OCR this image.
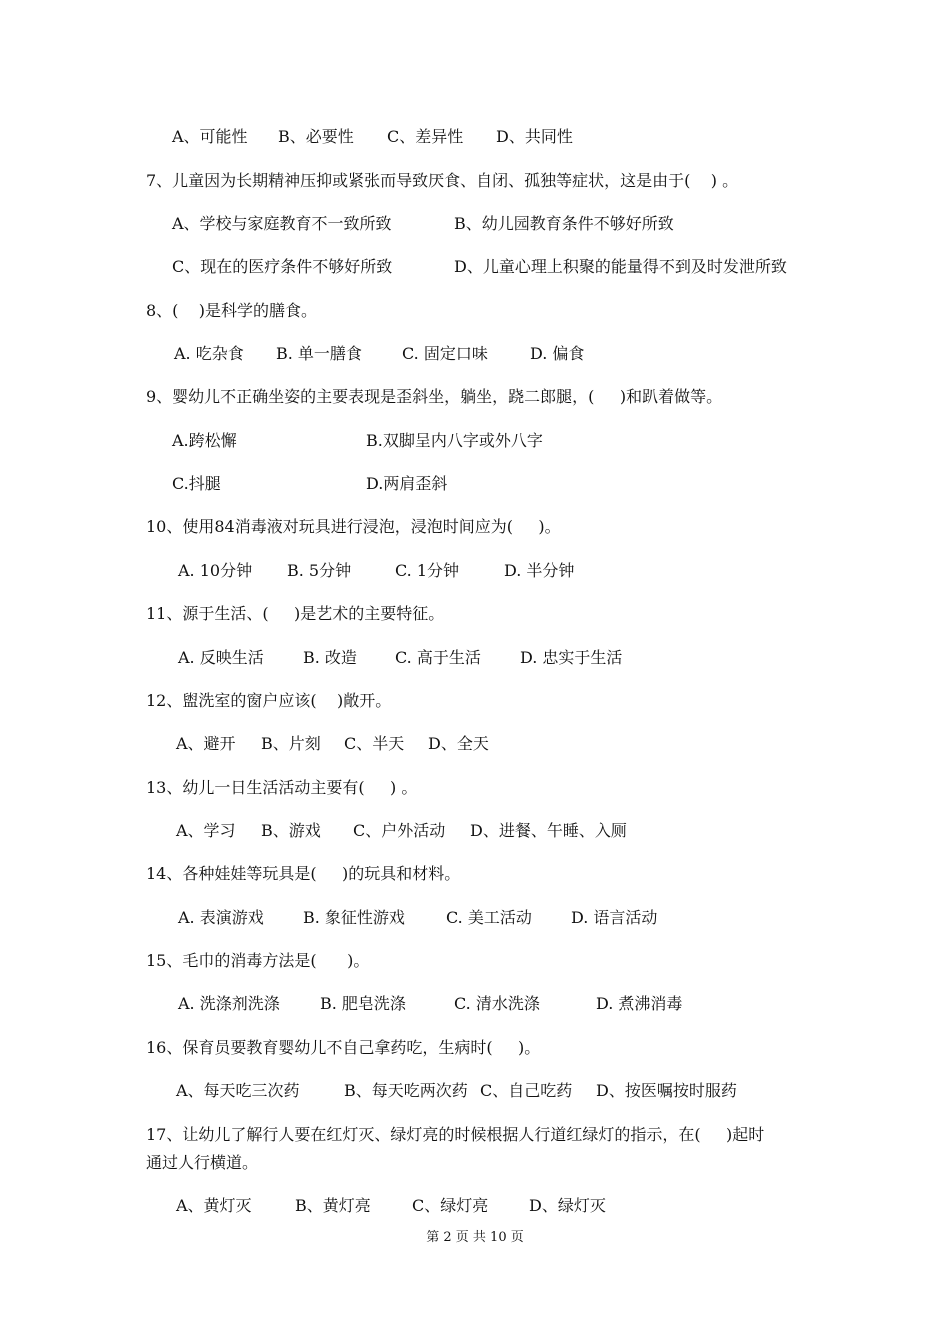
A、可能性 B、必要性 C、差异性 D、共同性
7、儿童因为长期精神压抑或紧张而导致厌食、自闭、孤独等症状，这是由于(    ) 。
A、学校与家庭教育不一致所致	B、幼儿园教育条件不够好所致
C、现在的医疗条件不够好所致	D、儿童心理上积聚的能量得不到及时发泄所致
8、(    )是科学的膳食。
A. 吃杂食 B. 单一膳食	C. 固定口味	D. 偏食
9、婴幼儿不正确坐姿的主要表现是歪斜坐，躺坐，跷二郎腿，(     )和趴着做等。
A.跨松懈	B.双脚呈内八字或外八字
C.抖腿	D.两肩歪斜
10、使用84消毒液对玩具进行浸泡，浸泡时间应为(     )。
A. 10分钟 B. 5分钟	C. 1分钟	D. 半分钟
11、源于生活、(     )是艺术的主要特征。
A. 反映生活 B. 改造 C. 高于生活 D. 忠实于生活
12、盥洗室的窗户应该(    )敞开。
A、避开 B、片刻 C、半天 D、全天
13、幼儿一日生活活动主要有(     ) 。
A、学习 B、游戏 C、户外活动 D、进餐、午睡、入厕
14、各种娃娃等玩具是(     )的玩具和材料。
A. 表演游戏 B. 象征性游戏	C. 美工活动 D. 语言活动
15、毛巾的消毒方法是(      )。
A. 洗涤剂洗涤	B. 肥皂洗涤	C. 清水洗涤	D. 煮沸消毒
16、保育员要教育婴幼儿不自己拿药吃，生病时(     )。
A、每天吃三次药	B、每天吃两次药 C、自己吃药 D、按医嘱按时服药
17、让幼儿了解行人要在红灯灭、绿灯亮的时候根据人行道红绿灯的指示，在(     )起时
通过人行横道。
A、黄灯灭	B、黄灯亮	C、绿灯亮	D、绿灯灭
第 2 页 共 10 页
